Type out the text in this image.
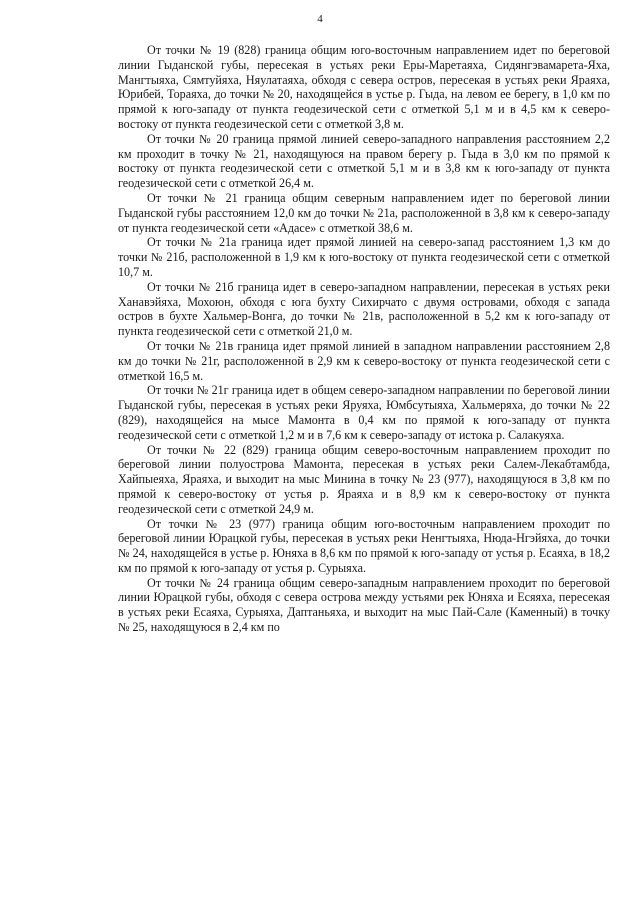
4

От точки № 19 (828) граница общим юго-восточным направлением идет по береговой линии Гыданской губы, пересекая в устьях реки Еры-Маретаяха, Сидянгэвамарета-Яха, Мангтыяха, Сямтуйяха, Няулатаяха, обходя с севера остров, пересекая в устьях реки Яраяха, Юрибей, Тораяха, до точки № 20, находящейся в устье р. Гыда, на левом ее берегу, в 1,0 км по прямой к юго-западу от пункта геодезической сети с отметкой 5,1 м и в 4,5 км к северо-востоку от пункта геодезической сети с отметкой 3,8 м.

От точки № 20 граница прямой линией северо-западного направления расстоянием 2,2 км проходит в точку № 21, находящуюся на правом берегу р. Гыда в 3,0 км по прямой к востоку от пункта геодезической сети с отметкой 5,1 м и в 3,8 км к юго-западу от пункта геодезической сети с отметкой 26,4 м.

От точки № 21 граница общим северным направлением идет по береговой линии Гыданской губы расстоянием 12,0 км до точки № 21а, расположенной в 3,8 км к северо-западу от пункта геодезической сети «Адасе» с отметкой 38,6 м.

От точки № 21а граница идет прямой линией на северо-запад расстоянием 1,3 км до точки № 21б, расположенной в 1,9 км к юго-востоку от пункта геодезической сети с отметкой 10,7 м.

От точки № 21б граница идет в северо-западном направлении, пересекая в устьях реки Ханавэйяха, Мохоюн, обходя с юга бухту Сихирчато с двумя островами, обходя с запада остров в бухте Хальмер-Вонга, до точки № 21в, расположенной в 5,2 км к юго-западу от пункта геодезической сети с отметкой 21,0 м.

От точки № 21в граница идет прямой линией в западном направлении расстоянием 2,8 км до точки № 21г, расположенной в 2,9 км к северо-востоку от пункта геодезической сети с отметкой 16,5 м.

От точки № 21г граница идет в общем северо-западном направлении по береговой линии Гыданской губы, пересекая в устьях реки Яруяха, Юмбсутыяха, Хальмеряха, до точки № 22 (829), находящейся на мысе Мамонта в 0,4 км по прямой к юго-западу от пункта геодезической сети с отметкой 1,2 м и в 7,6 км к северо-западу от истока р. Салакуяха.

От точки № 22 (829) граница общим северо-восточным направлением проходит по береговой линии полуострова Мамонта, пересекая в устьях реки Салем-Лекабтамбда, Хайпыеяха, Яраяха, и выходит на мыс Минина в точку № 23 (977), находящуюся в 3,8 км по прямой к северо-востоку от устья р. Яраяха и в 8,9 км к северо-востоку от пункта геодезической сети с отметкой 24,9 м.

От точки № 23 (977) граница общим юго-восточным направлением проходит по береговой линии Юрацкой губы, пересекая в устьях реки Ненгтыяха, Нюда-Нгэйяха, до точки № 24, находящейся в устье р. Юняха в 8,6 км по прямой к юго-западу от устья р. Есаяха, в 18,2 км по прямой к юго-западу от устья р. Сурыяха.

От точки № 24 граница общим северо-западным направлением проходит по береговой линии Юрацкой губы, обходя с севера острова между устьями рек Юняха и Есяяха, пересекая в устьях реки Есаяха, Сурыяха, Даптаньяха, и выходит на мыс Пай-Сале (Каменный) в точку № 25, находящуюся в 2,4 км по
